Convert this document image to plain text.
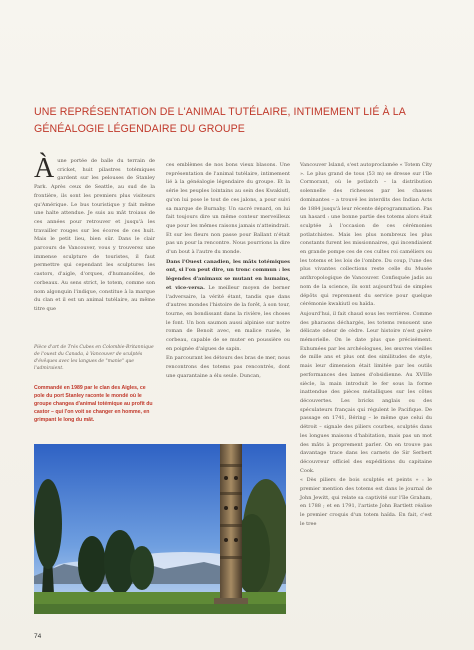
UNE REPRÉSENTATION DE L'ANIMAL TUTÉLAIRE, INTIMEMENT LIÉ À LA GÉNÉALOGIE LÉGENDAIRE DU GROUPE
À une portée de balle du terrain de cricket, huit pilastres totémiques gardent sur les pelouses de Stanley Park. Après ceux de Seattle, au sud de la frontière, ils sont les premiers plus visiteurs qu'Amérique. Le bus touristique y fait même une halte attendue. Je suis au mât troiaus de ces années pour retrouver et jusqu'à les travailler rouges sur les écores de ces huit. Mais le petit lieu, bien sûr. Dans le clair parcours de Vancouver, vous y trouverez une immense sculpture de touristes, il faut permettre qui cependant les sculptures les castors, d'aigle, d'orques, d'humanoïdes, de corbeaux. Au sens strict, le totem, comme son nom algonquin l'indique, constitue à la marque du clan et il est un animal tutélaire, au même titre que
Pièce d'art de Trés Cubes en Colombie-Britannique de l'ouest du Canada, à Vancouver de sculptés d'évêques avec les langues de "manie" que l'admiraient.
Commandé en 1989 par le clan des Aigles, ce pole du port Stanley raconte le mondé où le groupe changea d'animal totémique au profit du castor – qui l'on voit se changer en homme, en grimpant le long du mât.

ces emblèmes de nos bons vieux blasons. Une représentation de l'animal tutélaire, intimement lié à la généalogie légendaire du groupe. Et la série les peuples lointains au sein des Kwakiutl, qu'on lui pose le tout de ces jalons, a pour suivi sa marque de Burnaby. Un sacré renard, on lui fait toujours dire un même conteur merveilleux que pour les mêmes raisons jamais n'atteindrait. Et sur les fleurs non passe pour Ballant n'était pas un pour la rencontre. Nous pourrions la dire d'un bout à l'autre du monde.

Dans l'Ouest canadien, les mâts totémiques ont, si l'on peut dire, un tronc commun : les légendes d'animaux se mutant en humains, et vice-versa. Le meilleur moyen de berner l'adversaire, la vérité étant, tandis que dans d'autres mondes l'histoire de la forêt, à son tour, tourne, en bondissant dans la rivière, les choses le font. Un bon saumon aussi alpinise sur notre roman de Benoit avec, en malice rusée, le corbeau, capable de se muter en poussière ou en poignée d'algues de sapin.

En parcourant les détours des bras de mer, nous rencontrons des totems pas rencontrés, dont une quarantaine a élu seule. Duncan,

Vancouver Island, s'est autoproclamée « Totem City ». Le plus grand de tous (53 m) se dresse sur l'île Cormorant, où le potlatch – la distribution solennelle des richesses par les chasses dominantes – a trouvé les interdits des Indian Acts de 1884 jusqu'à leur récente déprogrammation. Pas un hasard : une bonne partie des totems alors était sculptée à l'occasion de ces cérémonies potlatchistes. Mais les plus nombreux les plus constants furent les missionnaires, qui incendiaient en grande pompe ces de ces cultes roi caméliers ou les totems et les lois de l'ombre. Du coup, l'une des plus vivantes collections reste celle du Musée anthropologique de Vancouver. Confisquée jadis au nom de la science, ils sont aujourd'hui de simples dépôts qui reprennent du service pour quelque cérémonie kwakiutl ou haïda.

Aujourd'hui, il fait chaud sous les verrières. Comme des pharaons déchargés, les totems renouent une délicate odeur de cèdre. Leur histoire n'est guère mémorielle. On le date plus que précisément. Exhumées par les archéologues, les œuvres vieilles de mille ans et plus ont des similitudes de style, mais leur dimension était limitée par les outils performances des lames d'obsidienne. Au XVIIIe siècle, la main introduit le fer sous la forme inattendue des pièces métalliques sur les côtes découvertes. Les bricks anglais ou des spéculateurs français qui régulent le Pacifique. De passage en 1741, Béring – le même que celui du détroit – signale des piliers courbes, sculptés dans les longues maisons d'habitation, mais pas un mot des mâts à proprement parler. On en trouve pas davantage trace dans les carnets de Sir Serbert découvreur officiel des expéditions du capitaine Cook.

« Dès piliers de bois sculptés et peints » : le premier mention des totems est dans le journal de John Jewitt, qui relate sa captivité sur l'île Graham, en 1788 ; et en 1791, l'artiste John Bartlett réalise le premier croquis d'un totem haïda. En fait, c'est le tree

74
